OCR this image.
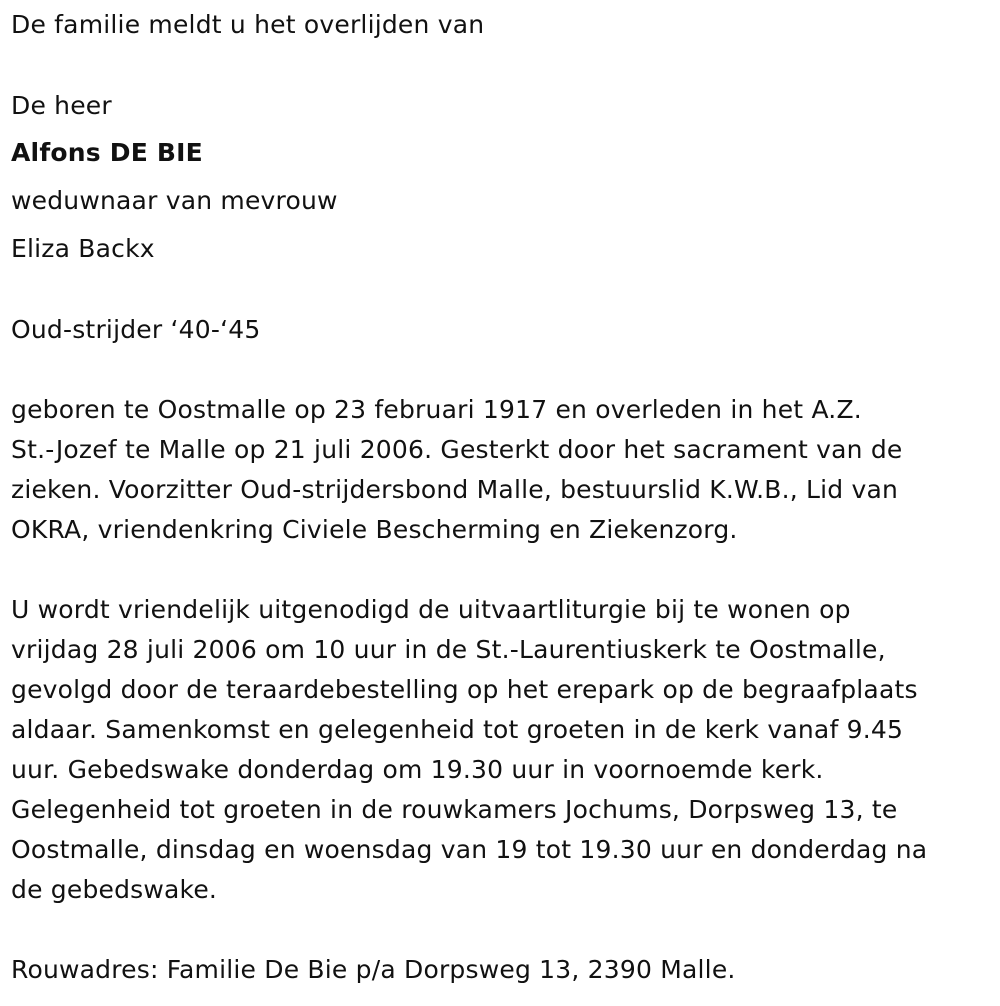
De familie meldt u het overlijden van
De heer
Alfons DE BIE
weduwnaar van mevrouw
Eliza Backx
Oud-strijder ‘40-‘45
geboren te Oostmalle op 23 februari 1917 en overleden in het A.Z.
St.-Jozef te Malle op 21 juli 2006. Gesterkt door het sacrament van de
zieken. Voorzitter Oud-strijdersbond Malle, bestuurslid K.W.B., Lid van
OKRA, vriendenkring Civiele Bescherming en Ziekenzorg.
U wordt vriendelijk uitgenodigd de uitvaartliturgie bij te wonen op
vrijdag 28 juli 2006 om 10 uur in de St.-Laurentiuskerk te Oostmalle,
gevolgd door de teraardebestelling op het erepark op de begraafplaats
aldaar. Samenkomst en gelegenheid tot groeten in de kerk vanaf 9.45
uur. Gebedswake donderdag om 19.30 uur in voornoemde kerk.
Gelegenheid tot groeten in de rouwkamers Jochums, Dorpsweg 13, te
Oostmalle, dinsdag en woensdag van 19 tot 19.30 uur en donderdag na
de gebedswake.
Rouwadres: Familie De Bie p/a Dorpsweg 13, 2390 Malle.
